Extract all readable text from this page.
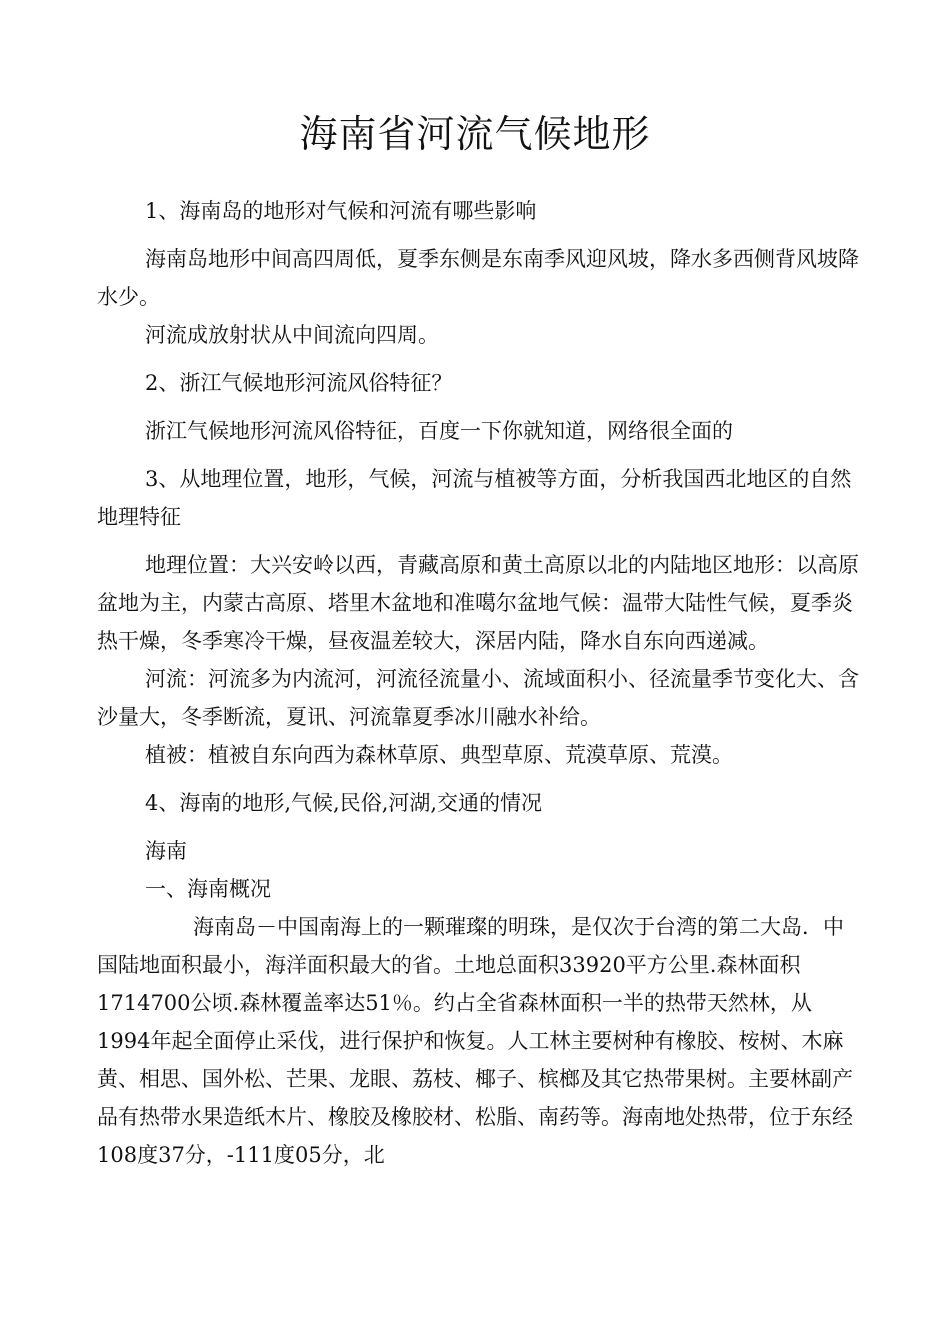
海南省河流气候地形

1、海南岛的地形对气候和河流有哪些影响

海南岛地形中间高四周低，夏季东侧是东南季风迎风坡，降水多西侧背风坡降水少。

河流成放射状从中间流向四周。

2、浙江气候地形河流风俗特征？

浙江气候地形河流风俗特征，百度一下你就知道，网络很全面的

3、从地理位置，地形，气候，河流与植被等方面，分析我国西北地区的自然地理特征

地理位置：大兴安岭以西，青藏高原和黄土高原以北的内陆地区地形：以高原盆地为主，内蒙古高原、塔里木盆地和准噶尔盆地气候：温带大陆性气候，夏季炎热干燥，冬季寒冷干燥，昼夜温差较大，深居内陆，降水自东向西递减。

河流：河流多为内流河，河流径流量小、流域面积小、径流量季节变化大、含沙量大，冬季断流，夏讯、河流靠夏季冰川融水补给。

植被：植被自东向西为森林草原、典型草原、荒漠草原、荒漠。

4、海南的地形,气候,民俗,河湖,交通的情况

海南

一、海南概况

海南岛－中国南海上的一颗璀璨的明珠，是仅次于台湾的第二大岛．中国陆地面积最小，海洋面积最大的省。土地总面积33920平方公里.森林面积1714700公顷.森林覆盖率达51％。约占全省森林面积一半的热带天然林，从1994年起全面停止采伐，进行保护和恢复。人工林主要树种有橡胶、桉树、木麻黄、相思、国外松、芒果、龙眼、荔枝、椰子、槟榔及其它热带果树。主要林副产品有热带水果造纸木片、橡胶及橡胶材、松脂、南药等。海南地处热带，位于东经108度37分，-111度05分，北
